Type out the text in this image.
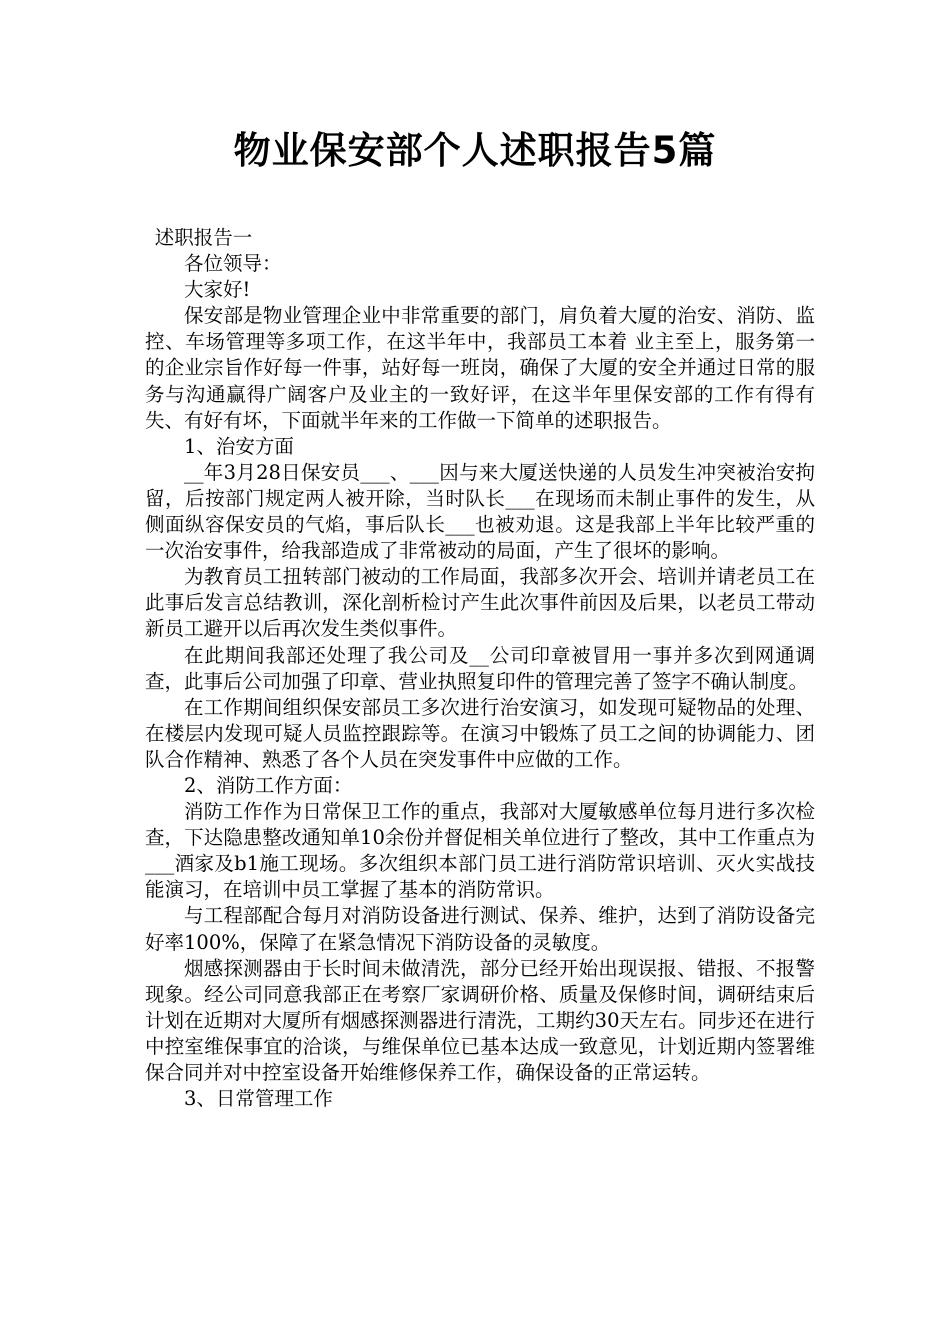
物业保安部个人述职报告5篇

述职报告一

各位领导：

大家好!

保安部是物业管理企业中非常重要的部门，肩负着大厦的治安、消防、监控、车场管理等多项工作，在这半年中，我部员工本着 业主至上，服务第一 的企业宗旨作好每一件事，站好每一班岗，确保了大厦的安全并通过日常的服务与沟通赢得广阔客户及业主的一致好评，在这半年里保安部的工作有得有失、有好有坏，下面就半年来的工作做一下简单的述职报告。

1、治安方面

__年3月28日保安员___、___因与来大厦送快递的人员发生冲突被治安拘留，后按部门规定两人被开除，当时队长___在现场而未制止事件的发生，从侧面纵容保安员的气焰，事后队长___也被劝退。这是我部上半年比较严重的一次治安事件，给我部造成了非常被动的局面，产生了很坏的影响。

为教育员工扭转部门被动的工作局面，我部多次开会、培训并请老员工在此事后发言总结教训，深化剖析检讨产生此次事件前因及后果，以老员工带动新员工避开以后再次发生类似事件。

在此期间我部还处理了我公司及__公司印章被冒用一事并多次到网通调查，此事后公司加强了印章、营业执照复印件的管理完善了签字不确认制度。

在工作期间组织保安部员工多次进行治安演习，如发现可疑物品的处理、在楼层内发现可疑人员监控跟踪等。在演习中锻炼了员工之间的协调能力、团队合作精神、熟悉了各个人员在突发事件中应做的工作。

2、消防工作方面：

消防工作作为日常保卫工作的重点，我部对大厦敏感单位每月进行多次检查，下达隐患整改通知单10余份并督促相关单位进行了整改，其中工作重点为___酒家及b1施工现场。多次组织本部门员工进行消防常识培训、灭火实战技能演习，在培训中员工掌握了基本的消防常识。

与工程部配合每月对消防设备进行测试、保养、维护，达到了消防设备完好率100%，保障了在紧急情况下消防设备的灵敏度。

烟感探测器由于长时间未做清洗，部分已经开始出现误报、错报、不报警现象。经公司同意我部正在考察厂家调研价格、质量及保修时间，调研结束后计划在近期对大厦所有烟感探测器进行清洗，工期约30天左右。同步还在进行中控室维保事宜的洽谈，与维保单位已基本达成一致意见，计划近期内签署维保合同并对中控室设备开始维修保养工作，确保设备的正常运转。

3、日常管理工作
